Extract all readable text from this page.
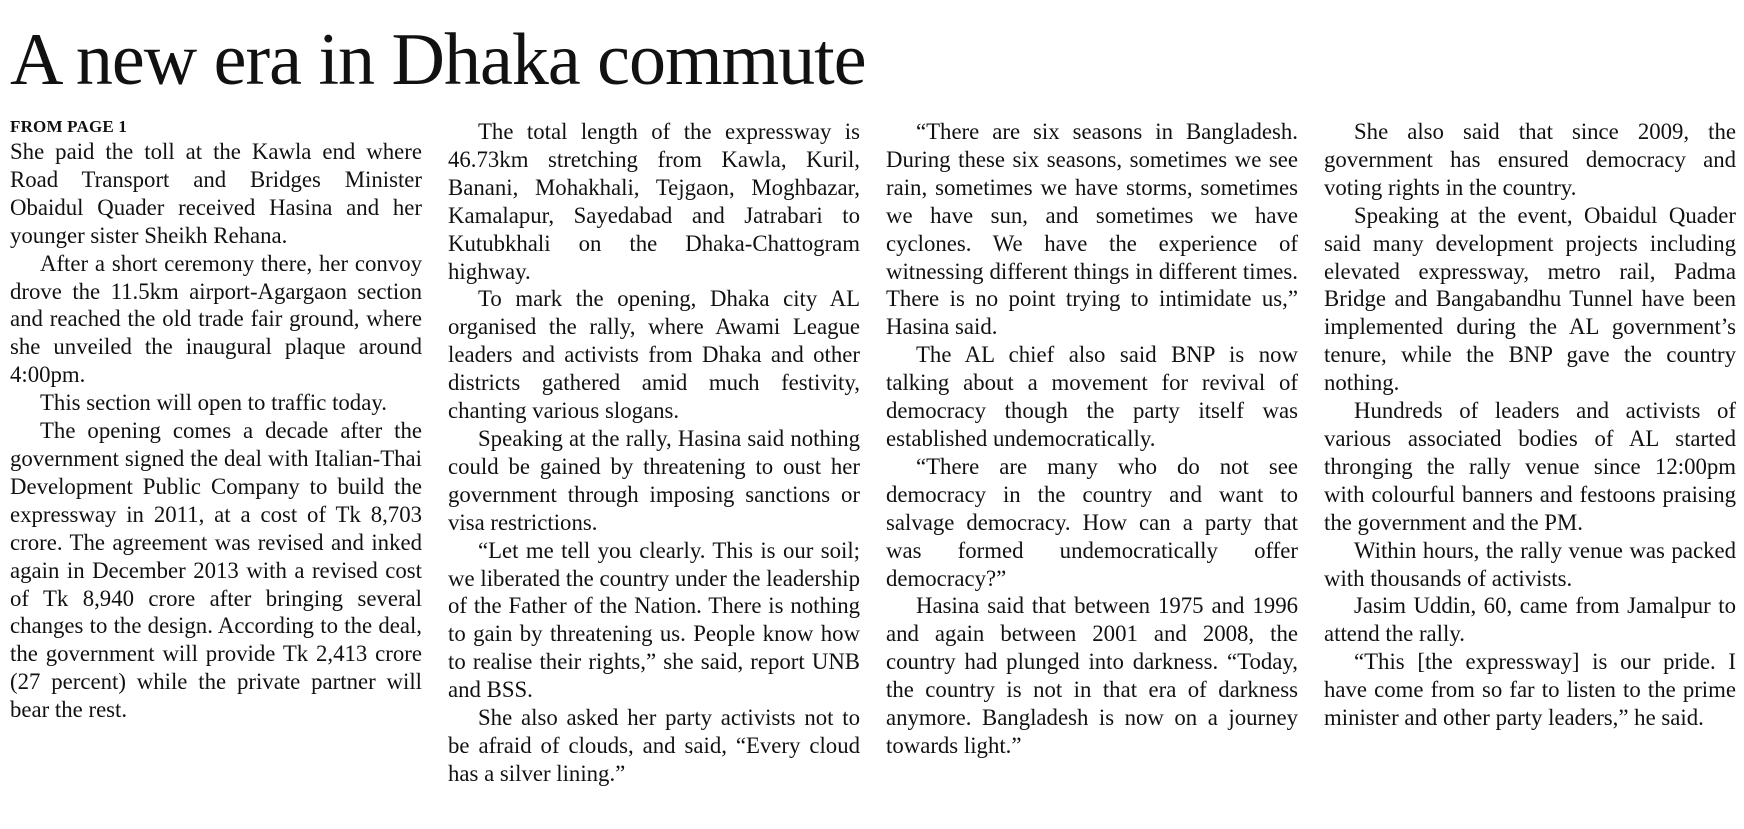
A new era in Dhaka commute
FROM PAGE 1

She paid the toll at the Kawla end where Road Transport and Bridges Minister Obaidul Quader received Hasina and her younger sister Sheikh Rehana.

After a short ceremony there, her convoy drove the 11.5km airport-Agargaon section and reached the old trade fair ground, where she unveiled the inaugural plaque around 4:00pm.

This section will open to traffic today.

The opening comes a decade after the government signed the deal with Italian-Thai Development Public Company to build the expressway in 2011, at a cost of Tk 8,703 crore. The agreement was revised and inked again in December 2013 with a revised cost of Tk 8,940 crore after bringing several changes to the design. According to the deal, the government will provide Tk 2,413 crore (27 percent) while the private partner will bear the rest.

The total length of the expressway is 46.73km stretching from Kawla, Kuril, Banani, Mohakhali, Tejgaon, Moghbazar, Kamalapur, Sayedabad and Jatrabari to Kutubkhali on the Dhaka-Chattogram highway.

To mark the opening, Dhaka city AL organised the rally, where Awami League leaders and activists from Dhaka and other districts gathered amid much festivity, chanting various slogans.

Speaking at the rally, Hasina said nothing could be gained by threatening to oust her government through imposing sanctions or visa restrictions.

“Let me tell you clearly. This is our soil; we liberated the country under the leadership of the Father of the Nation. There is nothing to gain by threatening us. People know how to realise their rights,” she said, report UNB and BSS.

She also asked her party activists not to be afraid of clouds, and said, “Every cloud has a silver lining.”

“There are six seasons in Bangladesh. During these six seasons, sometimes we see rain, sometimes we have storms, sometimes we have sun, and sometimes we have cyclones. We have the experience of witnessing different things in different times. There is no point trying to intimidate us,” Hasina said.

The AL chief also said BNP is now talking about a movement for revival of democracy though the party itself was established undemocratically.

“There are many who do not see democracy in the country and want to salvage democracy. How can a party that was formed undemocratically offer democracy?”

Hasina said that between 1975 and 1996 and again between 2001 and 2008, the country had plunged into darkness. “Today, the country is not in that era of darkness anymore. Bangladesh is now on a journey towards light.”

She also said that since 2009, the government has ensured democracy and voting rights in the country.

Speaking at the event, Obaidul Quader said many development projects including elevated expressway, metro rail, Padma Bridge and Bangabandhu Tunnel have been implemented during the AL government’s tenure, while the BNP gave the country nothing.

Hundreds of leaders and activists of various associated bodies of AL started thronging the rally venue since 12:00pm with colourful banners and festoons praising the government and the PM.

Within hours, the rally venue was packed with thousands of activists.

Jasim Uddin, 60, came from Jamalpur to attend the rally.

“This [the expressway] is our pride. I have come from so far to listen to the prime minister and other party leaders,” he said.
